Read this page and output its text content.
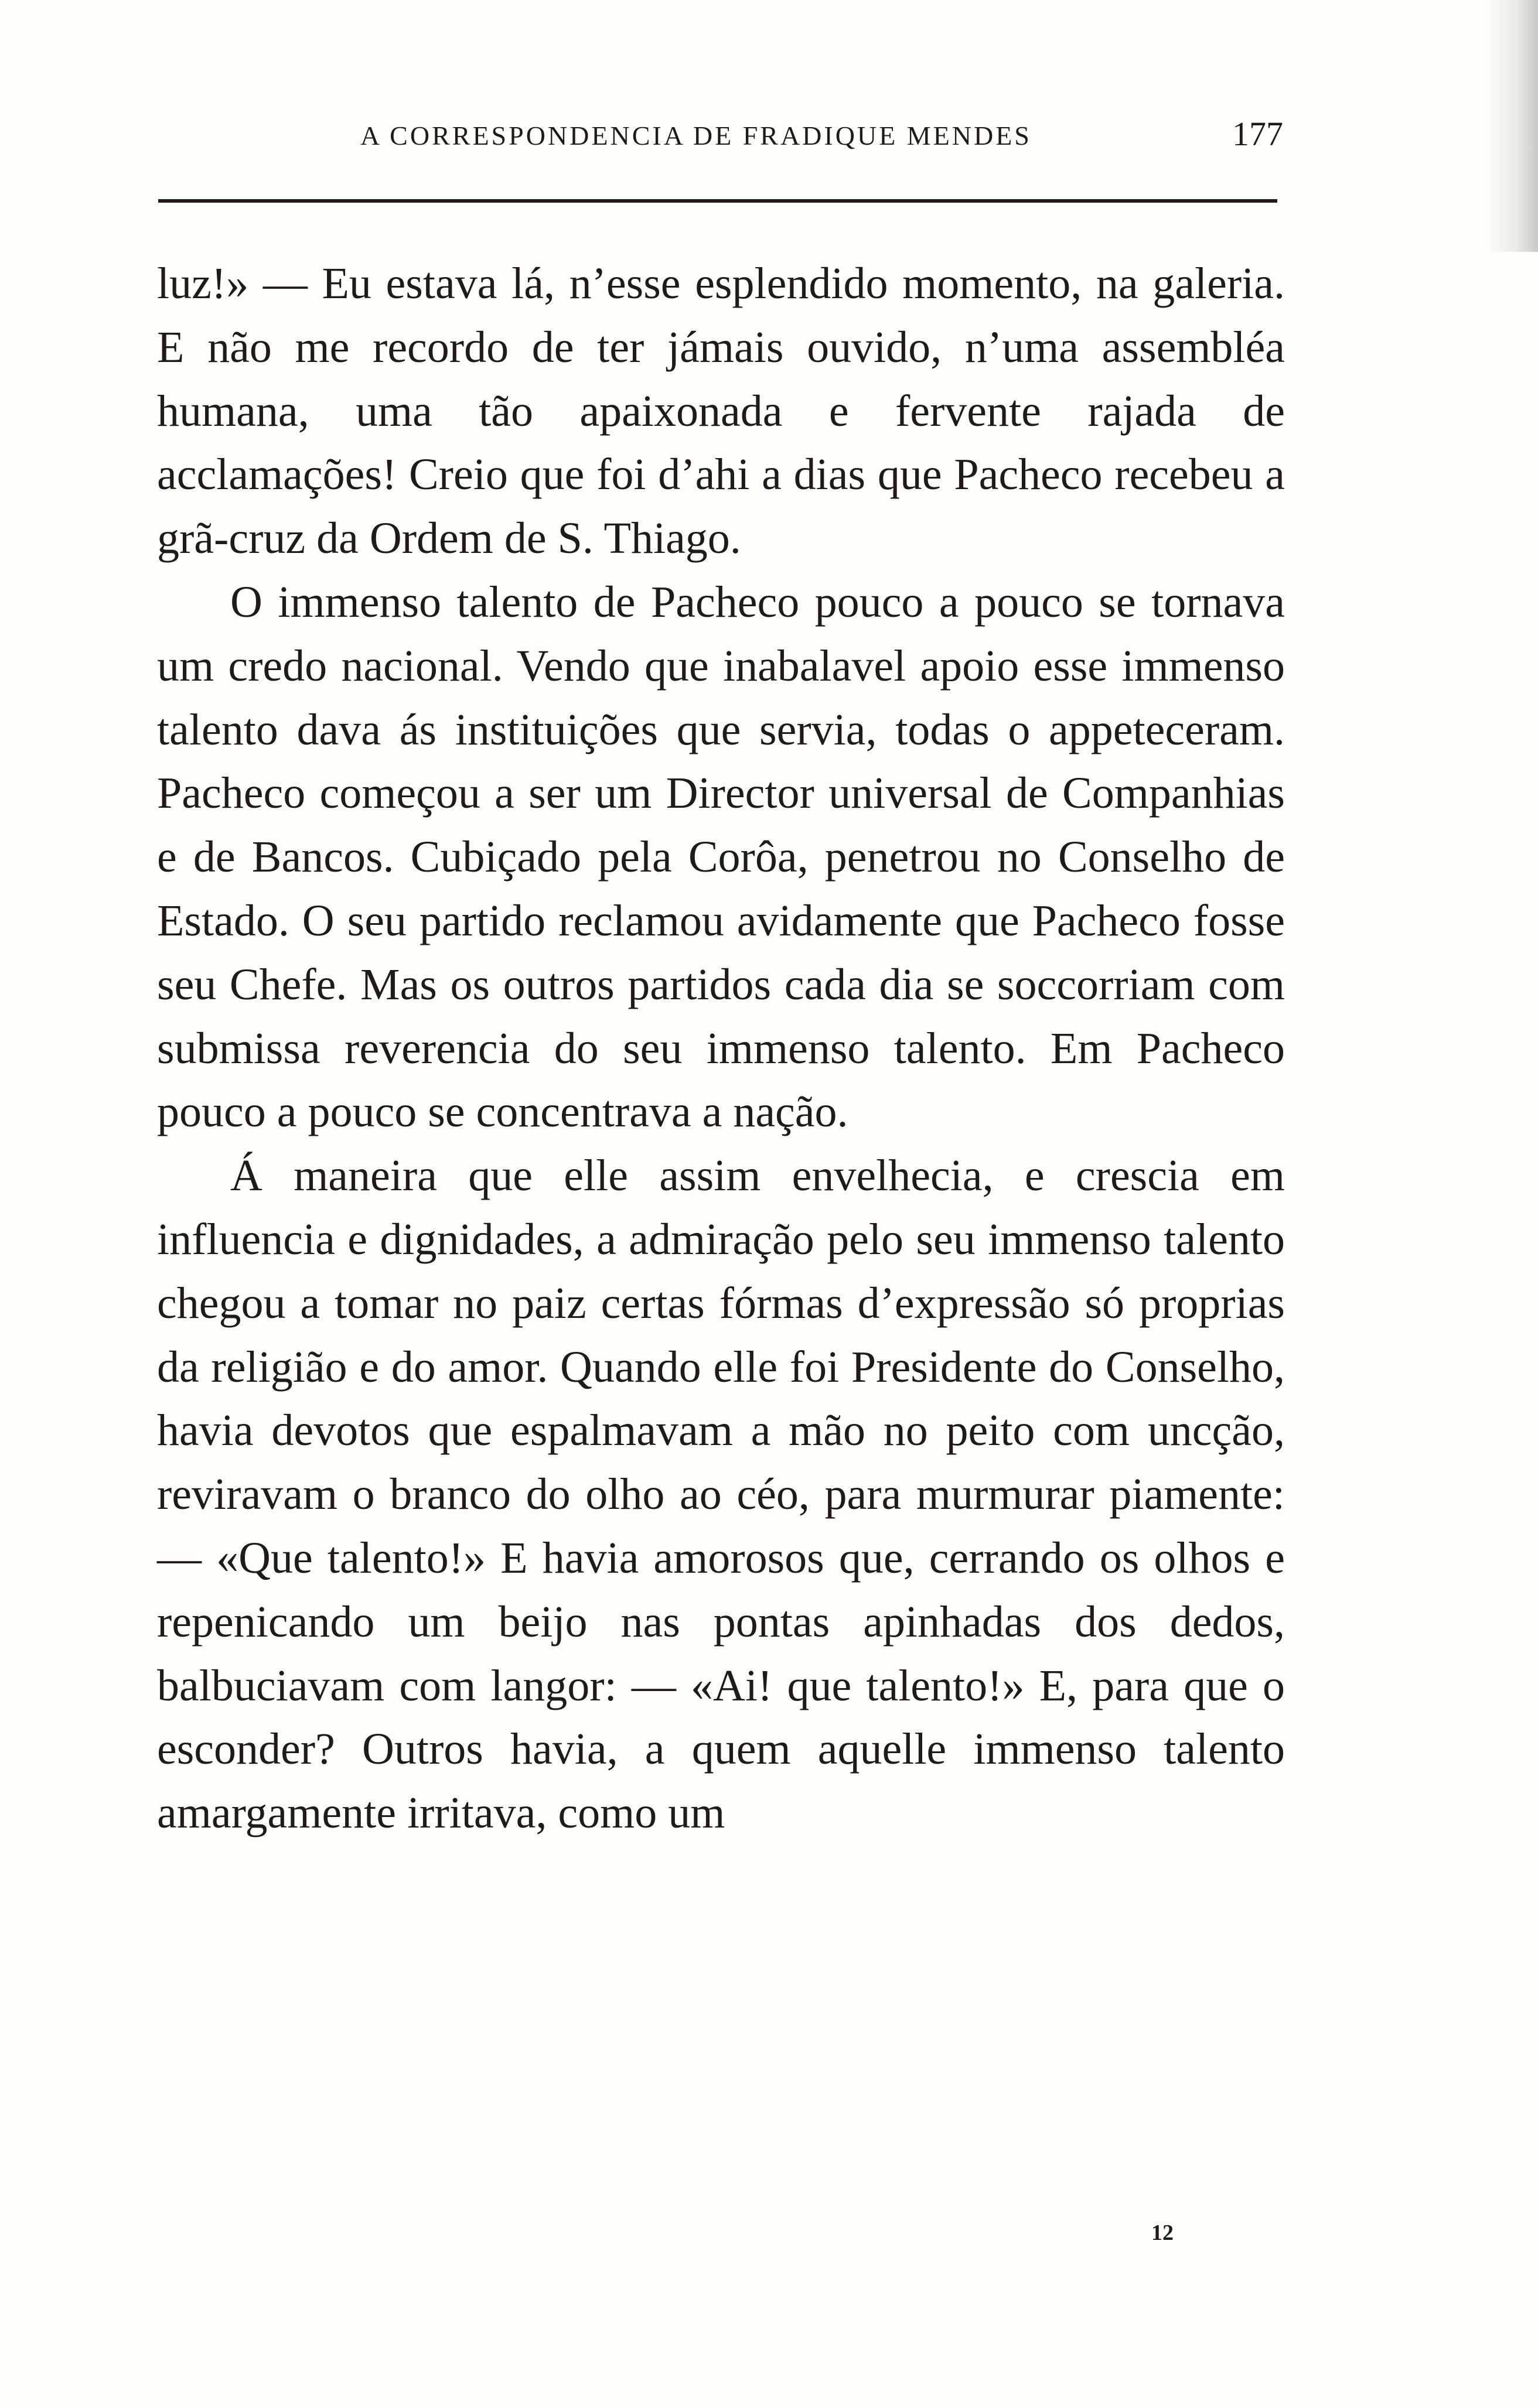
A CORRESPONDENCIA DE FRADIQUE MENDES	177

luz!» — Eu estava lá, n’esse esplendido momento, na galeria. E não me recordo de ter jámais ouvido, n’uma assembléa humana, uma tão apaixonada e fervente rajada de acclamações! Creio que foi d’ahi a dias que Pacheco recebeu a grã-cruz da Ordem de S. Thiago.

O immenso talento de Pacheco pouco a pouco se tornava um credo nacional. Vendo que inabalavel apoio esse immenso talento dava ás instituições que servia, todas o appeteceram. Pacheco começou a ser um Director universal de Companhias e de Bancos. Cubiçado pela Corôa, penetrou no Conselho de Estado. O seu partido reclamou avidamente que Pacheco fosse seu Chefe. Mas os outros partidos cada dia se soccorriam com submissa reverencia do seu immenso talento. Em Pacheco pouco a pouco se concentrava a nação.

Á maneira que elle assim envelhecia, e crescia em influencia e dignidades, a admiração pelo seu immenso talento chegou a tomar no paiz certas fórmas d’expressão só proprias da religião e do amor. Quando elle foi Presidente do Conselho, havia devotos que espalmavam a mão no peito com uncção, reviravam o branco do olho ao céo, para murmurar piamente: — «Que talento!» E havia amorosos que, cerrando os olhos e repenicando um beijo nas pontas apinhadas dos dedos, balbuciavam com langor: — «Ai! que talento!» E, para que o esconder? Outros havia, a quem aquelle immenso talento amargamente irritava, como um

12
